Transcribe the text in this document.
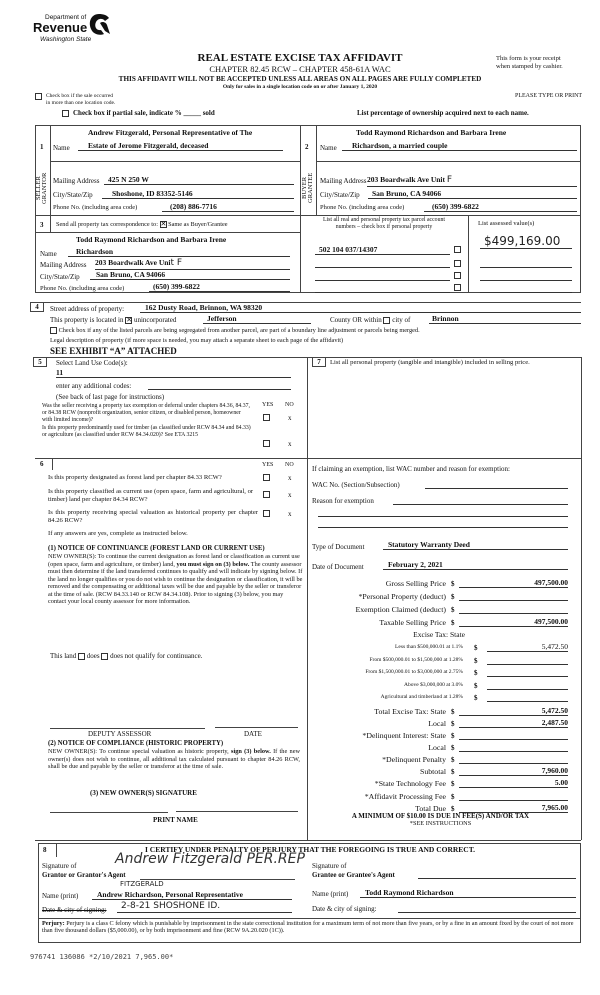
Department of
Revenue
Washington State
REAL ESTATE EXCISE TAX AFFIDAVIT
CHAPTER 82.45 RCW – CHAPTER 458-61A WAC
THIS AFFIDAVIT WILL NOT BE ACCEPTED UNLESS ALL AREAS ON ALL PAGES ARE FULLY COMPLETED
Only for sales in a single location code on or after January 1, 2020
This form is your receipt
when stamped by cashier.
Check box if the sale occurred
in more than one location code.
PLEASE TYPE OR PRINT
Check box if partial sale, indicate % _____ sold	List percentage of ownership acquired next to each name.
SELLER GRANTOR	BUYER GRANTEE
1 Name
Andrew Fitzgerald, Personal Representative of The
Estate of Jerome Fitzgerald, deceased
Mailing Address	425 N 250 W
City/State/Zip	Shoshone, ID 83352-5146
Phone No. (including area code)	(208) 886-7716
2 Name
Todd Raymond Richardson and Barbara Irene
Richardson, a married couple
Mailing Address 203 Boardwalk Ave Unit F
City/State/Zip	San Bruno, CA 94066
Phone No. (including area code)	(650) 399-6822
3 Send all property tax correspondence to: ✕ Same as Buyer/Grantee
Todd Raymond Richardson and Barbara Irene
Name	Richardson
Mailing Address 203 Boardwalk Ave Unit F
City/State/Zip	San Bruno, CA 94066
Phone No. (including area code)	(650) 399-6822
List all real and personal property tax parcel account
numbers – check box if personal property	List assessed value(s)
502 104 037/14307
$499,169.00
4	Street address of property:	162 Dusty Road, Brinnon, WA 98320
This property is located in ✕ unincorporated	Jefferson	County OR within city of	Brinnon
Check box if any of the listed parcels are being segregated from another parcel, are part of a boundary line adjustment or parcels being merged.
Legal description of property (if more space is needed, you may attach a separate sheet to each page of the affidavit)
SEE EXHIBIT “A” ATTACHED
5	Select Land Use Code(s):
11
enter any additional codes:
(See back of last page for instructions)
YES NO
Was the seller receiving a property tax exemption or deferral under chapters 84.36, 84.37, or 84.38 RCW (nonprofit organization, senior citizen, or disabled person, homeowner with limited income)?	x
Is this property predominantly used for timber (as classified under RCW 84.34 and 84.33) or agriculture (as classified under RCW 84.34.020)? See ETA 3215
x
7	List all personal property (tangible and intangible) included in selling price.
6	YES NO
Is this property designated as forest land per chapter 84.33 RCW?	x
Is this property classified as current use (open space, farm and agricultural, or timber) land per chapter 84.34 RCW?
x
Is this property receiving special valuation as historical property per chapter 84.26 RCW?
x
If any answers are yes, complete as instructed below.
(1) NOTICE OF CONTINUANCE (FOREST LAND OR CURRENT USE)
NEW OWNER(S): To continue the current designation as forest land or classification as current use (open space, farm and agriculture, or timber) land, you must sign on (3) below. The county assessor must then determine if the land transferred continues to qualify and will indicate by signing below. If the land no longer qualifies or you do not wish to continue the designation or classification, it will be removed and the compensating or additional taxes will be due and payable by the seller or transferor at the time of sale. (RCW 84.33.140 or RCW 84.34.108). Prior to signing (3) below, you may contact your local county assessor for more information.
This land does does not qualify for continuance.
DEPUTY ASSESSOR	DATE
(2) NOTICE OF COMPLIANCE (HISTORIC PROPERTY)
NEW OWNER(S): To continue special valuation as historic property, sign (3) below. If the new owner(s) does not wish to continue, all additional tax calculated pursuant to chapter 84.26 RCW, shall be due and payable by the seller or transferor at the time of sale.
(3) NEW OWNER(S) SIGNATURE
PRINT NAME
If claiming an exemption, list WAC number and reason for exemption:
WAC No. (Section/Subsection)
Reason for exemption
Type of Document	Statutory Warranty Deed
Date of Document	February 2, 2021
Gross Selling Price $	497,500.00
*Personal Property (deduct) $
Exemption Claimed (deduct) $
Taxable Selling Price $	497,500.00
Excise Tax: State
Less than $500,000.01 at 1.1% $	5,472.50
From $500,000.01 to $1,500,000 at 1.28% $
From $1,500,000.01 to $3,000,000 at 2.75% $
Above $3,000,000 at 3.0% $
Agricultural and timberland at 1.28% $
Total Excise Tax: State $	5,472.50
Local $	2,487.50
*Delinquent Interest: State $
Local $
*Delinquent Penalty $
Subtotal $	7,960.00
*State Technology Fee $	5.00
*Affidavit Processing Fee $
Total Due $	7,965.00
A MINIMUM OF $10.00 IS DUE IN FEE(S) AND/OR TAX
*SEE INSTRUCTIONS
8	I CERTIFY UNDER PENALTY OF PERJURY THAT THE FOREGOING IS TRUE AND CORRECT.
Signature of
Grantor or Grantor's Agent
Andrew Fitzgerald PER.REP
Name (print)
FITZGERALD
Andrew Richardson, Personal Representative
Date & city of signing:	2-8-21 SHOSHONE ID.
Signature of
Grantee or Grantee's Agent
Name (print)	Todd Raymond Richardson
Date & city of signing:
Perjury: Perjury is a class C felony which is punishable by imprisonment in the state correctional institution for a maximum term of not more than five years, or by a fine in an amount fixed by the court of not more than five thousand dollars ($5,000.00), or by both imprisonment and fine (RCW 9A.20.020 (1C)).
976741 136086 *2/10/2021 7,965.00*
